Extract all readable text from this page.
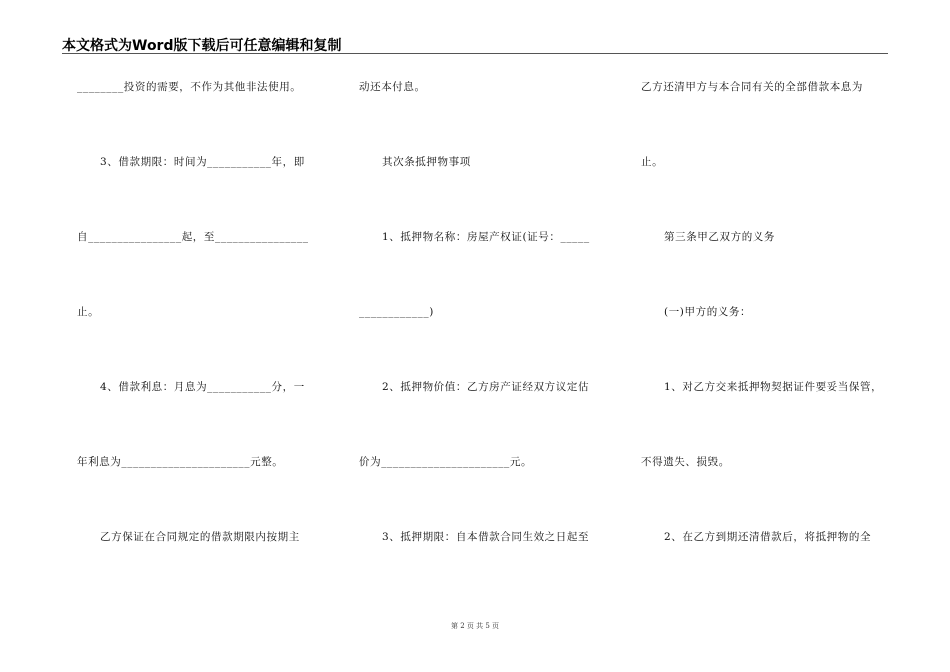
本文格式为Word版下载后可任意编辑和复制
________投资的需要，不作为其他非法使用。
3、借款期限：时间为___________年，即
自________________起，至________________
止。
4、借款利息：月息为___________分，一
年利息为______________________元整。
乙方保证在合同规定的借款期限内按期主
动还本付息。
其次条抵押物事项
1、抵押物名称：房屋产权证(证号：_____
____________)
2、抵押物价值：乙方房产证经双方议定估
价为______________________元。
3、抵押期限：自本借款合同生效之日起至
乙方还清甲方与本合同有关的全部借款本息为
止。
第三条甲乙双方的义务
(一)甲方的义务：
1、对乙方交来抵押物契据证件要妥当保管，
不得遗失、损毁。
2、在乙方到期还清借款后，将抵押物的全
第 2 页 共 5 页
